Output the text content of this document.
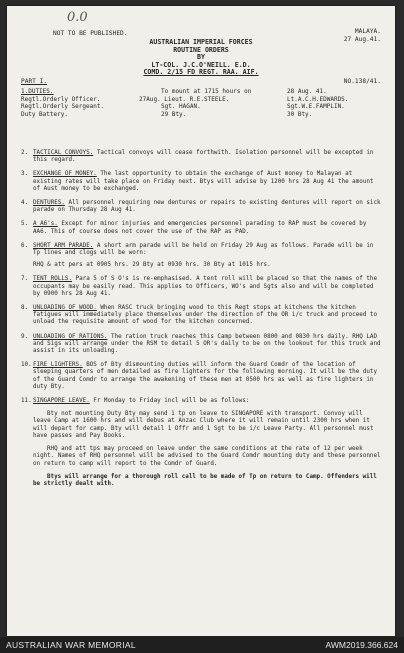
0.0
NOT TO BE PUBLISHED.	MALAYA.
27 Aug.41.
AUSTRALIAN IMPERIAL FORCES
ROUTINE ORDERS
BY
LT-COL. J.C.O'NEILL. E.D.
COMD. 2/15 FD REGT. RAA. AIF.
PART I.	NO.138/41.
1.DUTIES.	To mount at 1715 hours on	28 Aug. 41.
Regtl.Orderly Officer.	27Aug. Lieut. R.E.STEELE.	Lt.A.C.H.EDWARDS.
Regtl.Orderly Sergeant.	Sgt. HAGAN.	Sgt.W.E.FAMPLIN.
Duty Battery.	29 Bty.	30 Bty.
2. TACTICAL CONVOYS. Tactical convoys will cease forthwith. Isolation personnel will be excepted in this regard.
3. EXCHANGE OF MONEY. The last opportunity to obtain the exchange of Aust money to Malayan at existing rates will take place on Friday next. Btys will advise by 1200 hrs 28 Aug 41 the amount of Aust money to be exchanged.
4. DENTURES. All personnel requiring new dentures or repairs to existing dentures will report on sick parade on Thursday 28 Aug 41.
5. A A6's. Except for minor injuries and emergencies personnel parading to RAP must be covered by AA6. This of course does not cover the use of the RAP as PAD.
6. SHORT ARM PARADE. A short arm parade will be held on Friday 29 Aug as follows. Parade will be in Tp lines and clogs will be worn:
RHQ & att pers at 0905 hrs. 29 Bty at 0930 hrs. 30 Bty at 1015 hrs.
7. TENT ROLLS. Para 5 of S O's is re-emphasised. A tent roll will be placed so that the names of the occupants may be easily read. This applies to Officers, WO's and Sgts also and will be completed by 0900 hrs 28 Aug 41.
8. UNLOADING OF WOOD. When RASC truck bringing wood to this Regt stops at kitchens the kitchen fatigues will immediately place themselves under the direction of the OR i/c truck and proceed to unload the requisite amount of wood for the kitchen concerned.
9. UNLOADING OF RATIONS. The ration truck reaches this Camp between 0800 and 0830 hrs daily. RHQ LAD and Sigs will arrange under the RSM to detail 5 OR's daily to be on the lookout for this truck and assist in its unloading.
10. FIRE LIGHTERS. BOS of Bty dismounting duties will inform the Guard Comdr of the location of sleeping quarters of men detailed as fire lighters for the following morning. It will be the duty of the Guard Comdr to arrange the awakening of these men at 0500 hrs as well as fire lighters in duty Bty.
11. SINGAPORE LEAVE. Fr Monday to Friday incl will be as follows:

Bty not mounting Duty Bty may send 1 tp on leave to SINGAPORE with transport. Convoy will leave Camp at 1600 hrs and will debus at Anzac Club where it will remain until 2300 hrs when it will depart for camp. Bty will detail 1 Offr and 1 Sgt to be i/c Leave Party. All personnel must have passes and Pay Books.

RHQ and att tps may proceed on leave under the same conditions at the rate of 12 per week night. Names of RHQ personnel will be advised to the Guard Comdr mounting duty and these personnel on return to camp will report to the Comdr of Guard.

Btys will arrange for a thorough roll call to be made of Tp on return to Camp. Offenders will be strictly dealt with.

AUSTRALIAN WAR MEMORIAL	AWM2019.366.624
